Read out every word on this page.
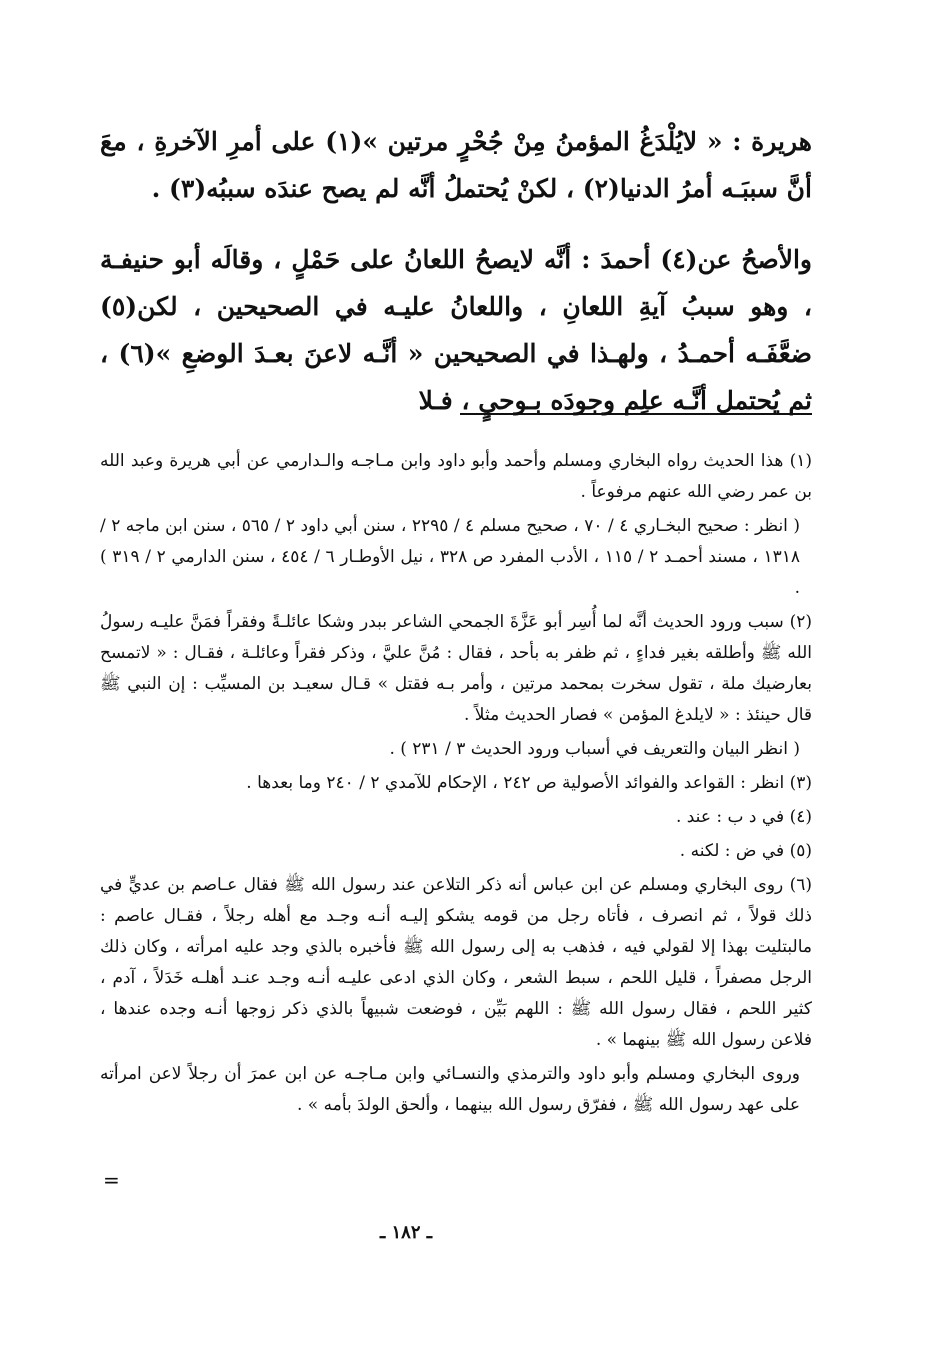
هريرة : « لايُلْدَغُ المؤمنُ مِنْ جُحْرٍ مرتين »(١) على أمرِ الآخرةِ ، معَ أنَّ سببَـه أمرُ الدنيا(٢) ، لكنْ يُحتملُ أنَّه لم يصح عندَه سببُه(٣) .

والأصحُ عن(٤) أحمدَ : أنَّه لايصحُ اللعانُ على حَمْلٍ ، وقالَه أبو حنيفـة ، وهو سببُ آيةِ اللعانِ ، واللعانُ عليـه في الصحيحين ، لكن(٥) ضعَّفَـه أحمـدُ ، ولهـذا في الصحيحين « أنَّـه لاعنَ بعـدَ الوضعِ »(٦) ، ثم يُحتمل أنَّـه علِم وجودَه بـوحيٍ ، فـلا

(١) هذا الحديث رواه البخاري ومسلم وأحمد وأبو داود وابن مـاجـه والـدارمي عن أبي هريرة وعبد الله بن عمر رضي الله عنهم مرفوعاً .

( انظر : صحيح البخـاري ٤ / ٧٠ ، صحيح مسلم ٤ / ٢٢٩٥ ، سنن أبي داود ٢ / ٥٦٥ ، سنن ابن ماجه ٢ / ١٣١٨ ، مسند أحمـد ٢ / ١١٥ ، الأدب المفرد ص ٣٢٨ ، نيل الأوطـار ٦ / ٤٥٤ ، سنن الدارمي ٢ / ٣١٩ ) .

(٢) سبب ورود الحديث أنَّه لما أُسِر أبو عَزَّةَ الجمحي الشاعر ببدر وشكا عائلـةً وفقراً فمَنَّ عليـه رسولُ الله ﷺ وأطلقه بغير فداءٍ ، ثم ظفر به بأحد ، فقال : مُنَّ عليَّ ، وذكر فقراً وعائلـة ، فقـال : « لاتمسح بعارضيك ملة ، تقول سخرت بمحمد مرتين ، وأمر بـه فقتل » قـال سعيـد بن المسيِّب : إن النبي ﷺ قال حينئذ : « لايلدغ المؤمن » فصار الحديث مثلاً .

( انظر البيان والتعريف في أسباب ورود الحديث ٣ / ٢٣١ ) .

(٣) انظر : القواعد والفوائد الأصولية ص ٢٤٢ ، الإحكام للآمدي ٢ / ٢٤٠ وما بعدها .

(٤) في د ب : عند .

(٥) في ض : لكنه .

(٦) روى البخاري ومسلم عن ابن عباس أنه ذكر التلاعن عند رسول الله ﷺ فقال عـاصم بن عديٍّ في ذلك قولاً ، ثم انصرف ، فأتاه رجل من قومه يشكو إليـه أنـه وجـد مع أهله رجلاً ، فقـال عاصم : مالبتليت بهذا إلا لقولي فيه ، فذهب به إلى رسول الله ﷺ فأخبره بالذي وجد عليه امرأته ، وكان ذلك الرجل مصفراً ، قليل اللحم ، سبط الشعر ، وكان الذي ادعى عليـه أنـه وجـد عنـد أهلـه خَدَلاً ، آدم ، كثير اللحم ، فقال رسول الله ﷺ : اللهم بَيِّن ، فوضعت شبيهاً بالذي ذكر زوجها أنـه وجده عندها ، فلاعن رسول الله ﷺ بينهما » .

وروى البخاري ومسلم وأبو داود والترمذي والنسـائي وابن مـاجـه عن ابن عمرَ أن رجلاً لاعن امرأته على عهد رسول الله ﷺ ، ففرّق رسول الله بينهما ، وألحق الولدَ بأمه » .

=
ـ ١٨٢ ـ
